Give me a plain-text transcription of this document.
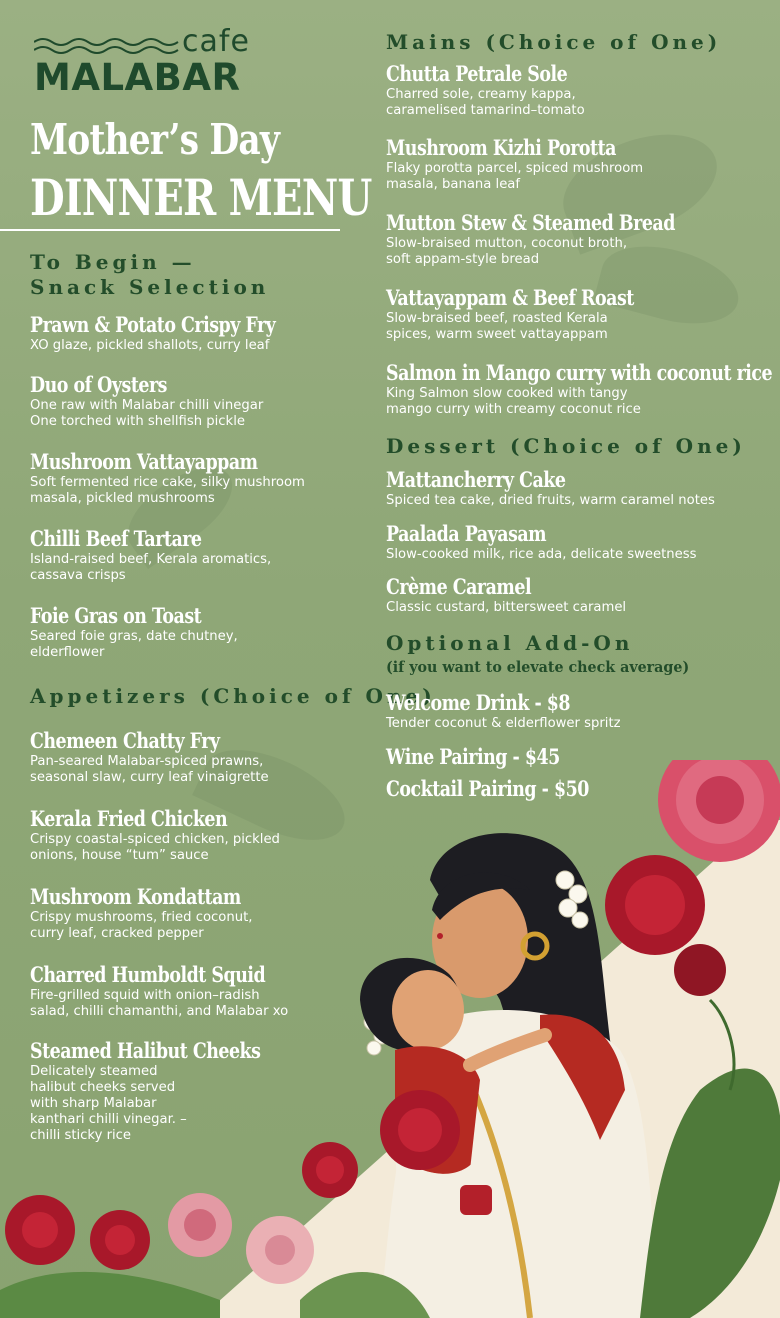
cafe
MALABAR
Mother’s Day
DINNER MENU
To Begin —
Snack Selection
Prawn & Potato Crispy Fry
XO glaze, pickled shallots, curry leaf
Duo of Oysters
One raw with Malabar chilli vinegar
One torched with shellfish pickle
Mushroom Vattayappam
Soft fermented rice cake, silky mushroom
masala, pickled mushrooms
Chilli Beef Tartare
Island-raised beef, Kerala aromatics,
cassava crisps
Foie Gras on Toast
Seared foie gras, date chutney,
elderflower
Appetizers (Choice of One)
Chemeen Chatty Fry
Pan-seared Malabar-spiced prawns,
seasonal slaw, curry leaf vinaigrette
Kerala Fried Chicken
Crispy coastal-spiced chicken, pickled
onions, house “tum” sauce
Mushroom Kondattam
Crispy mushrooms, fried coconut,
curry leaf, cracked pepper
Charred Humboldt Squid
Fire-grilled squid with onion–radish
salad, chilli chamanthi, and Malabar xo
Steamed Halibut Cheeks
Delicately steamed
halibut cheeks served
with sharp Malabar
kanthari chilli vinegar. –
chilli sticky rice
Mains (Choice of One)
Chutta Petrale Sole
Charred sole, creamy kappa,
caramelised tamarind–tomato
Mushroom Kizhi Porotta
Flaky porotta parcel, spiced mushroom
masala, banana leaf
Mutton Stew & Steamed Bread
Slow-braised mutton, coconut broth,
soft appam-style bread
Vattayappam & Beef Roast
Slow-braised beef, roasted Kerala
spices, warm sweet vattayappam
Salmon in Mango curry with coconut rice
King Salmon slow cooked with tangy
mango curry with creamy coconut rice
Dessert (Choice of One)
Mattancherry Cake
Spiced tea cake, dried fruits, warm caramel notes
Paalada Payasam
Slow-cooked milk, rice ada, delicate sweetness
Crème Caramel
Classic custard, bittersweet caramel
Optional Add-On
(if you want to elevate check average)
Welcome Drink - $8
Tender coconut & elderflower spritz
Wine Pairing - $45
Cocktail Pairing - $50
